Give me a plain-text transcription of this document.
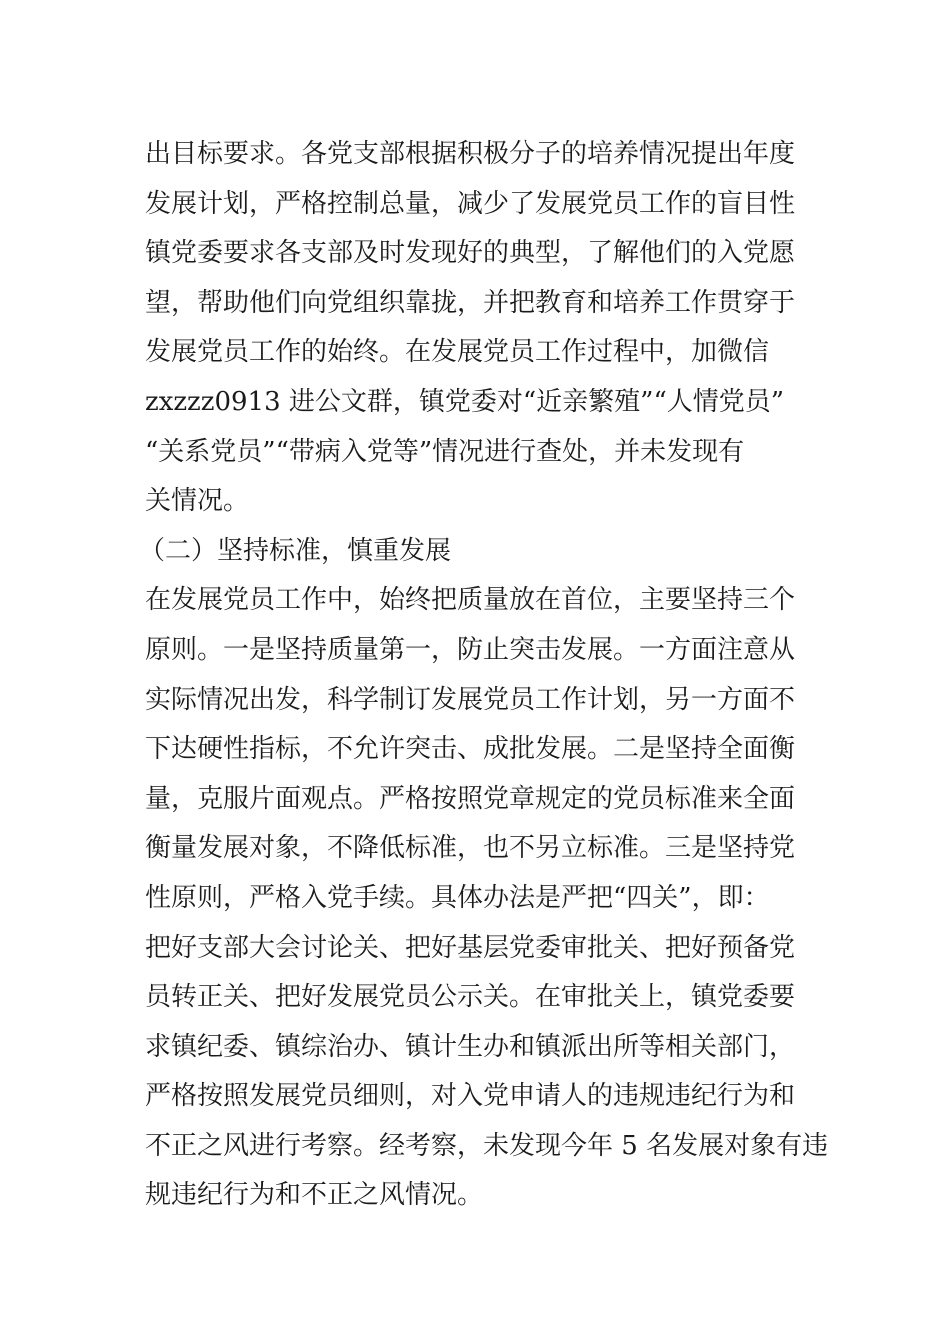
出目标要求。各党支部根据积极分子的培养情况提出年度
发展计划，严格控制总量，减少了发展党员工作的盲目性
镇党委要求各支部及时发现好的典型，了解他们的入党愿
望，帮助他们向党组织靠拢，并把教育和培养工作贯穿于
发展党员工作的始终。在发展党员工作过程中，加微信
zxzzz0913 进公文群，镇党委对“近亲繁殖”“人情党员”
“关系党员”“带病入党等”情况进行查处，并未发现有
关情况。
（二）坚持标准，慎重发展
在发展党员工作中，始终把质量放在首位，主要坚持三个
原则。一是坚持质量第一，防止突击发展。一方面注意从
实际情况出发，科学制订发展党员工作计划，另一方面不
下达硬性指标，不允许突击、成批发展。二是坚持全面衡
量，克服片面观点。严格按照党章规定的党员标准来全面
衡量发展对象，不降低标准，也不另立标准。三是坚持党
性原则，严格入党手续。具体办法是严把“四关”，即：
把好支部大会讨论关、把好基层党委审批关、把好预备党
员转正关、把好发展党员公示关。在审批关上，镇党委要
求镇纪委、镇综治办、镇计生办和镇派出所等相关部门，
严格按照发展党员细则，对入党申请人的违规违纪行为和
不正之风进行考察。经考察，未发现今年 5 名发展对象有违
规违纪行为和不正之风情况。
